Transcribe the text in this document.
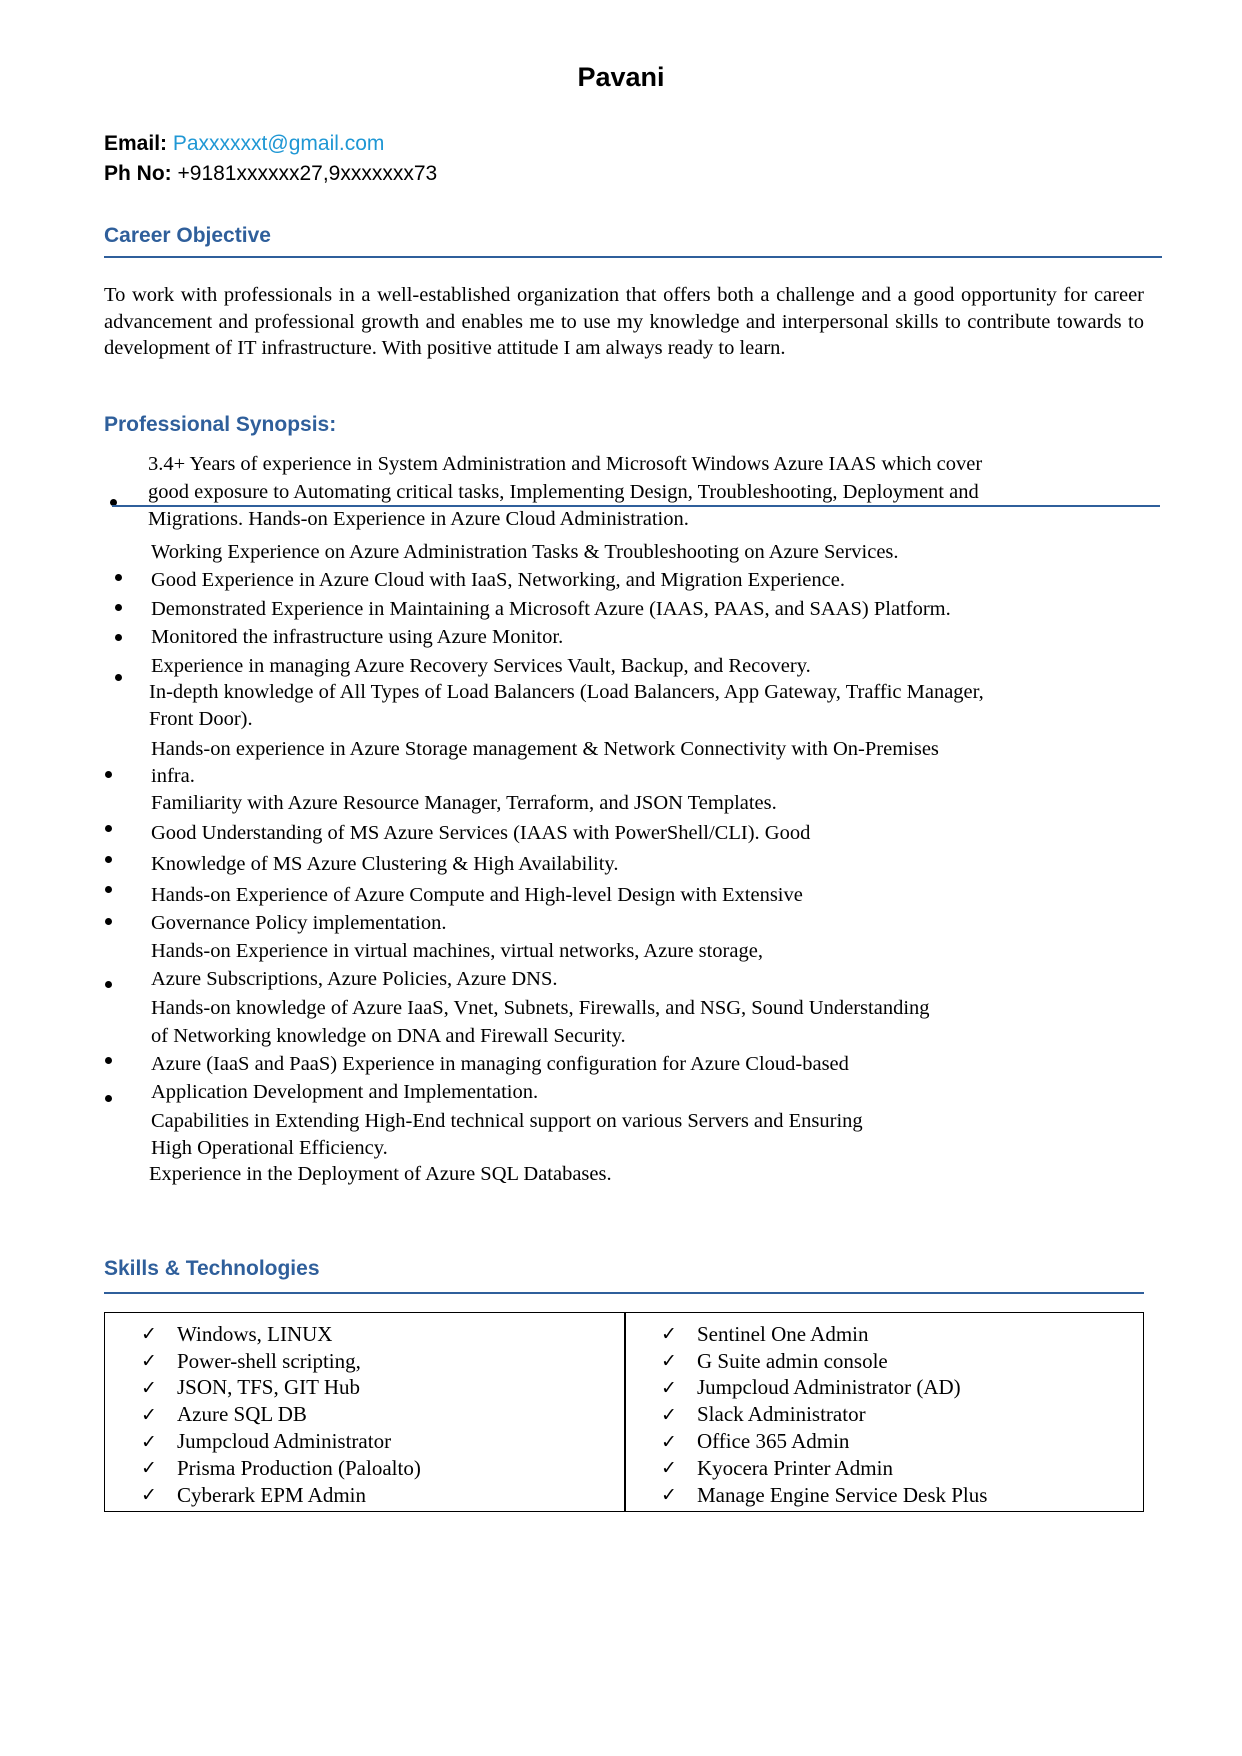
Pavani
Email: Paxxxxxxt@gmail.com
Ph No: +9181xxxxxx27,9xxxxxxx73
Career Objective
To work with professionals in a well-established organization that offers both a challenge and a good opportunity for career advancement and professional growth and enables me to use my knowledge and interpersonal skills to contribute towards to development of IT infrastructure. With positive attitude I am always ready to learn.
Professional Synopsis:
3.4+ Years of experience in System Administration and Microsoft Windows Azure IAAS which cover
good exposure to Automating critical tasks, Implementing Design, Troubleshooting, Deployment and
Migrations. Hands-on Experience in Azure Cloud Administration.
Working Experience on Azure Administration Tasks & Troubleshooting on Azure Services.
Good Experience in Azure Cloud with IaaS, Networking, and Migration Experience.
Demonstrated Experience in Maintaining a Microsoft Azure (IAAS, PAAS, and SAAS) Platform.
Monitored the infrastructure using Azure Monitor.
Experience in managing Azure Recovery Services Vault, Backup, and Recovery.
In-depth knowledge of All Types of Load Balancers (Load Balancers, App Gateway, Traffic Manager,
Front Door).
Hands-on experience in Azure Storage management & Network Connectivity with On-Premises
infra.
Familiarity with Azure Resource Manager, Terraform, and JSON Templates.
Good Understanding of MS Azure Services (IAAS with PowerShell/CLI). Good
Knowledge of MS Azure Clustering & High Availability.
Hands-on Experience of Azure Compute and High-level Design with Extensive
Governance Policy implementation.
Hands-on Experience in virtual machines, virtual networks, Azure storage,
Azure Subscriptions, Azure Policies, Azure DNS.
Hands-on knowledge of Azure IaaS, Vnet, Subnets, Firewalls, and NSG, Sound Understanding
of Networking knowledge on DNA and Firewall Security.
Azure (IaaS and PaaS) Experience in managing configuration for Azure Cloud-based
Application Development and Implementation.
Capabilities in Extending High-End technical support on various Servers and Ensuring
High Operational Efficiency.
Experience in the Deployment of Azure SQL Databases.
Skills & Technologies
✓ Windows, LINUX
✓ Power-shell scripting,
✓ JSON, TFS, GIT Hub
✓ Azure SQL DB
✓ Jumpcloud Administrator
✓ Prisma Production (Paloalto)
✓ Cyberark EPM Admin
✓ Sentinel One Admin
✓ G Suite admin console
✓ Jumpcloud Administrator (AD)
✓ Slack Administrator
✓ Office 365 Admin
✓ Kyocera Printer Admin
✓ Manage Engine Service Desk Plus
